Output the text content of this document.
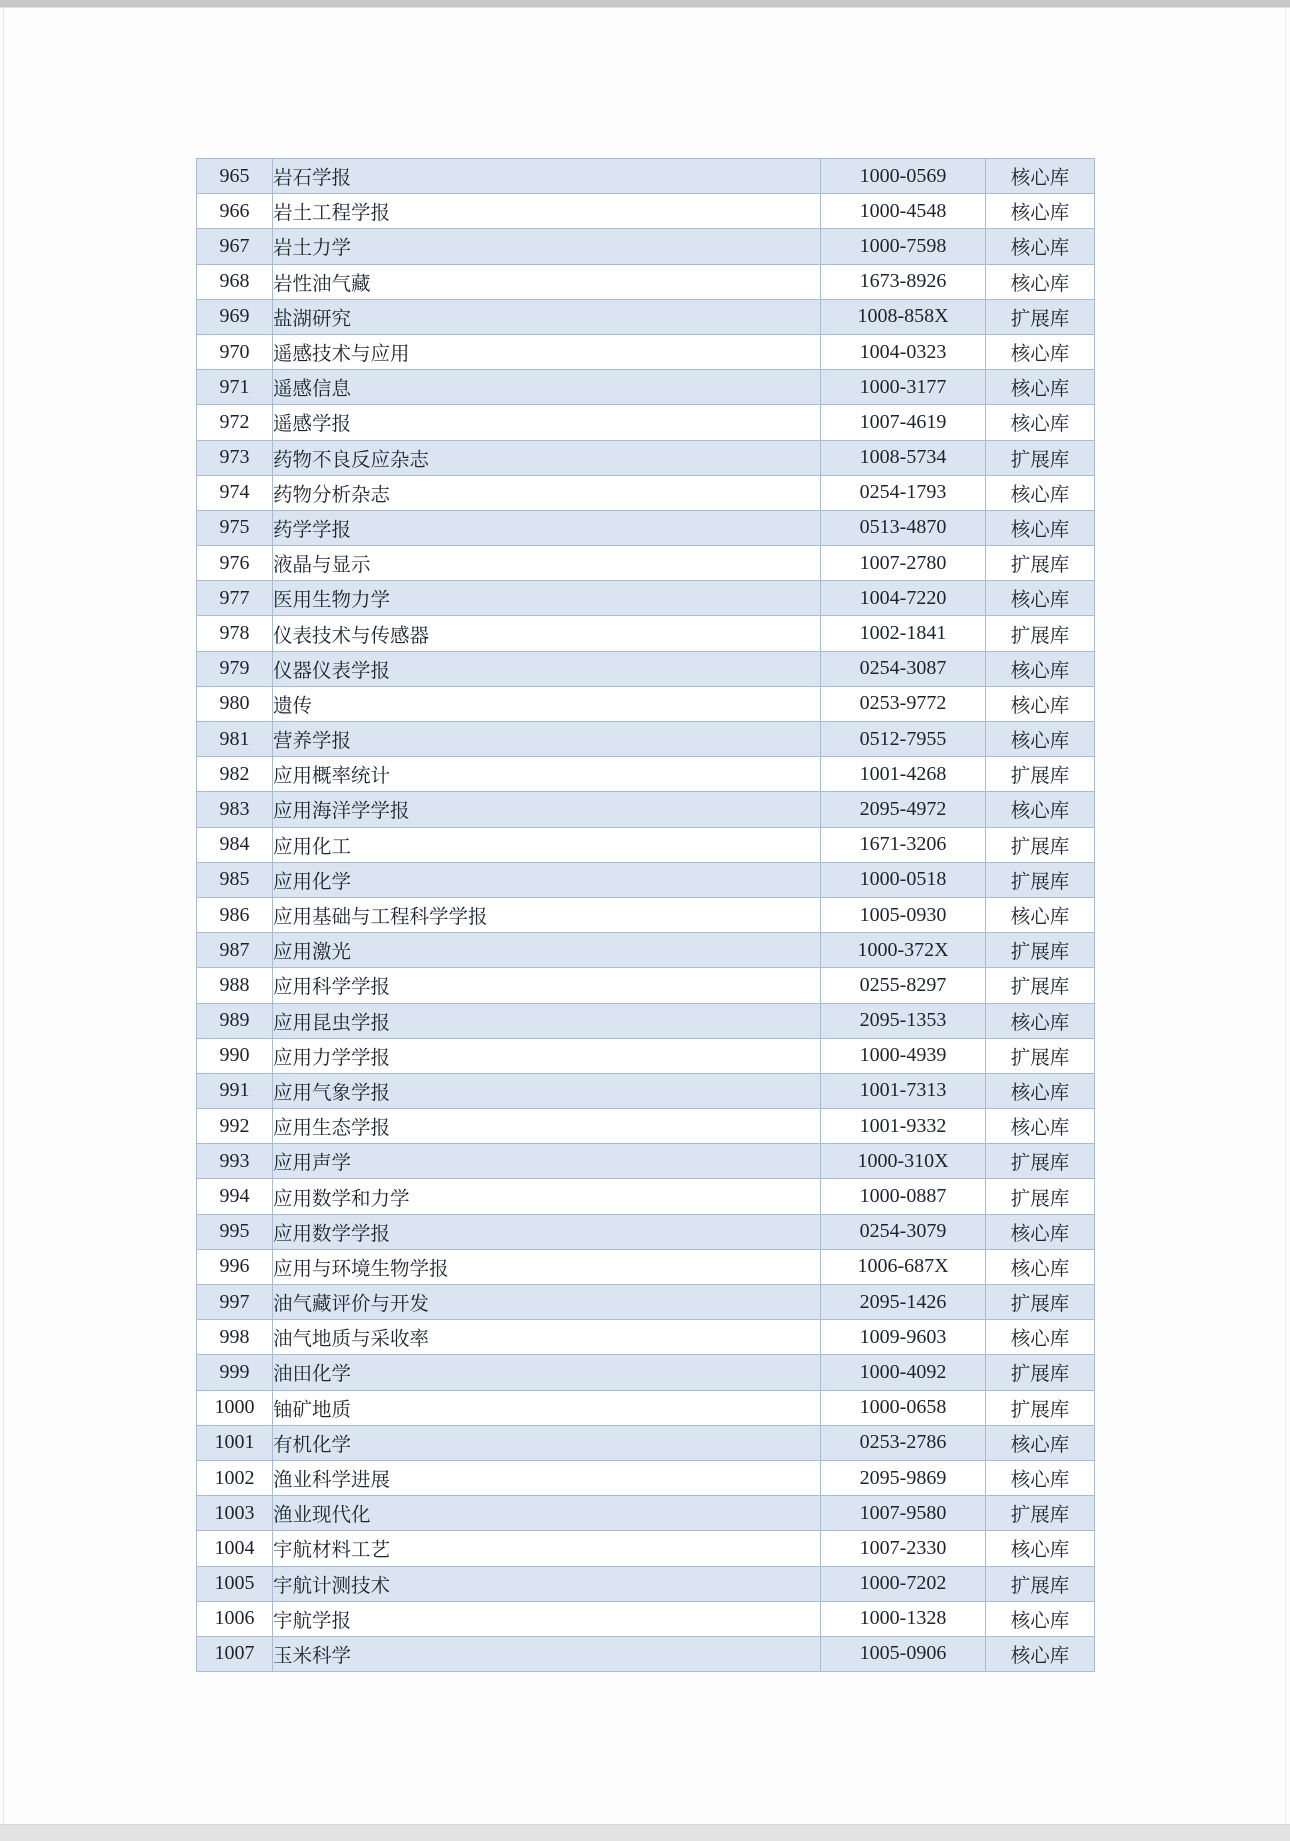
965	岩石学报	1000-0569	核心库
966	岩土工程学报	1000-4548	核心库
967	岩土力学	1000-7598	核心库
968	岩性油气藏	1673-8926	核心库
969	盐湖研究	1008-858X	扩展库
970	遥感技术与应用	1004-0323	核心库
971	遥感信息	1000-3177	核心库
972	遥感学报	1007-4619	核心库
973	药物不良反应杂志	1008-5734	扩展库
974	药物分析杂志	0254-1793	核心库
975	药学学报	0513-4870	核心库
976	液晶与显示	1007-2780	扩展库
977	医用生物力学	1004-7220	核心库
978	仪表技术与传感器	1002-1841	扩展库
979	仪器仪表学报	0254-3087	核心库
980	遗传	0253-9772	核心库
981	营养学报	0512-7955	核心库
982	应用概率统计	1001-4268	扩展库
983	应用海洋学学报	2095-4972	核心库
984	应用化工	1671-3206	扩展库
985	应用化学	1000-0518	扩展库
986	应用基础与工程科学学报	1005-0930	核心库
987	应用激光	1000-372X	扩展库
988	应用科学学报	0255-8297	扩展库
989	应用昆虫学报	2095-1353	核心库
990	应用力学学报	1000-4939	扩展库
991	应用气象学报	1001-7313	核心库
992	应用生态学报	1001-9332	核心库
993	应用声学	1000-310X	扩展库
994	应用数学和力学	1000-0887	扩展库
995	应用数学学报	0254-3079	核心库
996	应用与环境生物学报	1006-687X	核心库
997	油气藏评价与开发	2095-1426	扩展库
998	油气地质与采收率	1009-9603	核心库
999	油田化学	1000-4092	扩展库
1000	铀矿地质	1000-0658	扩展库
1001	有机化学	0253-2786	核心库
1002	渔业科学进展	2095-9869	核心库
1003	渔业现代化	1007-9580	扩展库
1004	宇航材料工艺	1007-2330	核心库
1005	宇航计测技术	1000-7202	扩展库
1006	宇航学报	1000-1328	核心库
1007	玉米科学	1005-0906	核心库
